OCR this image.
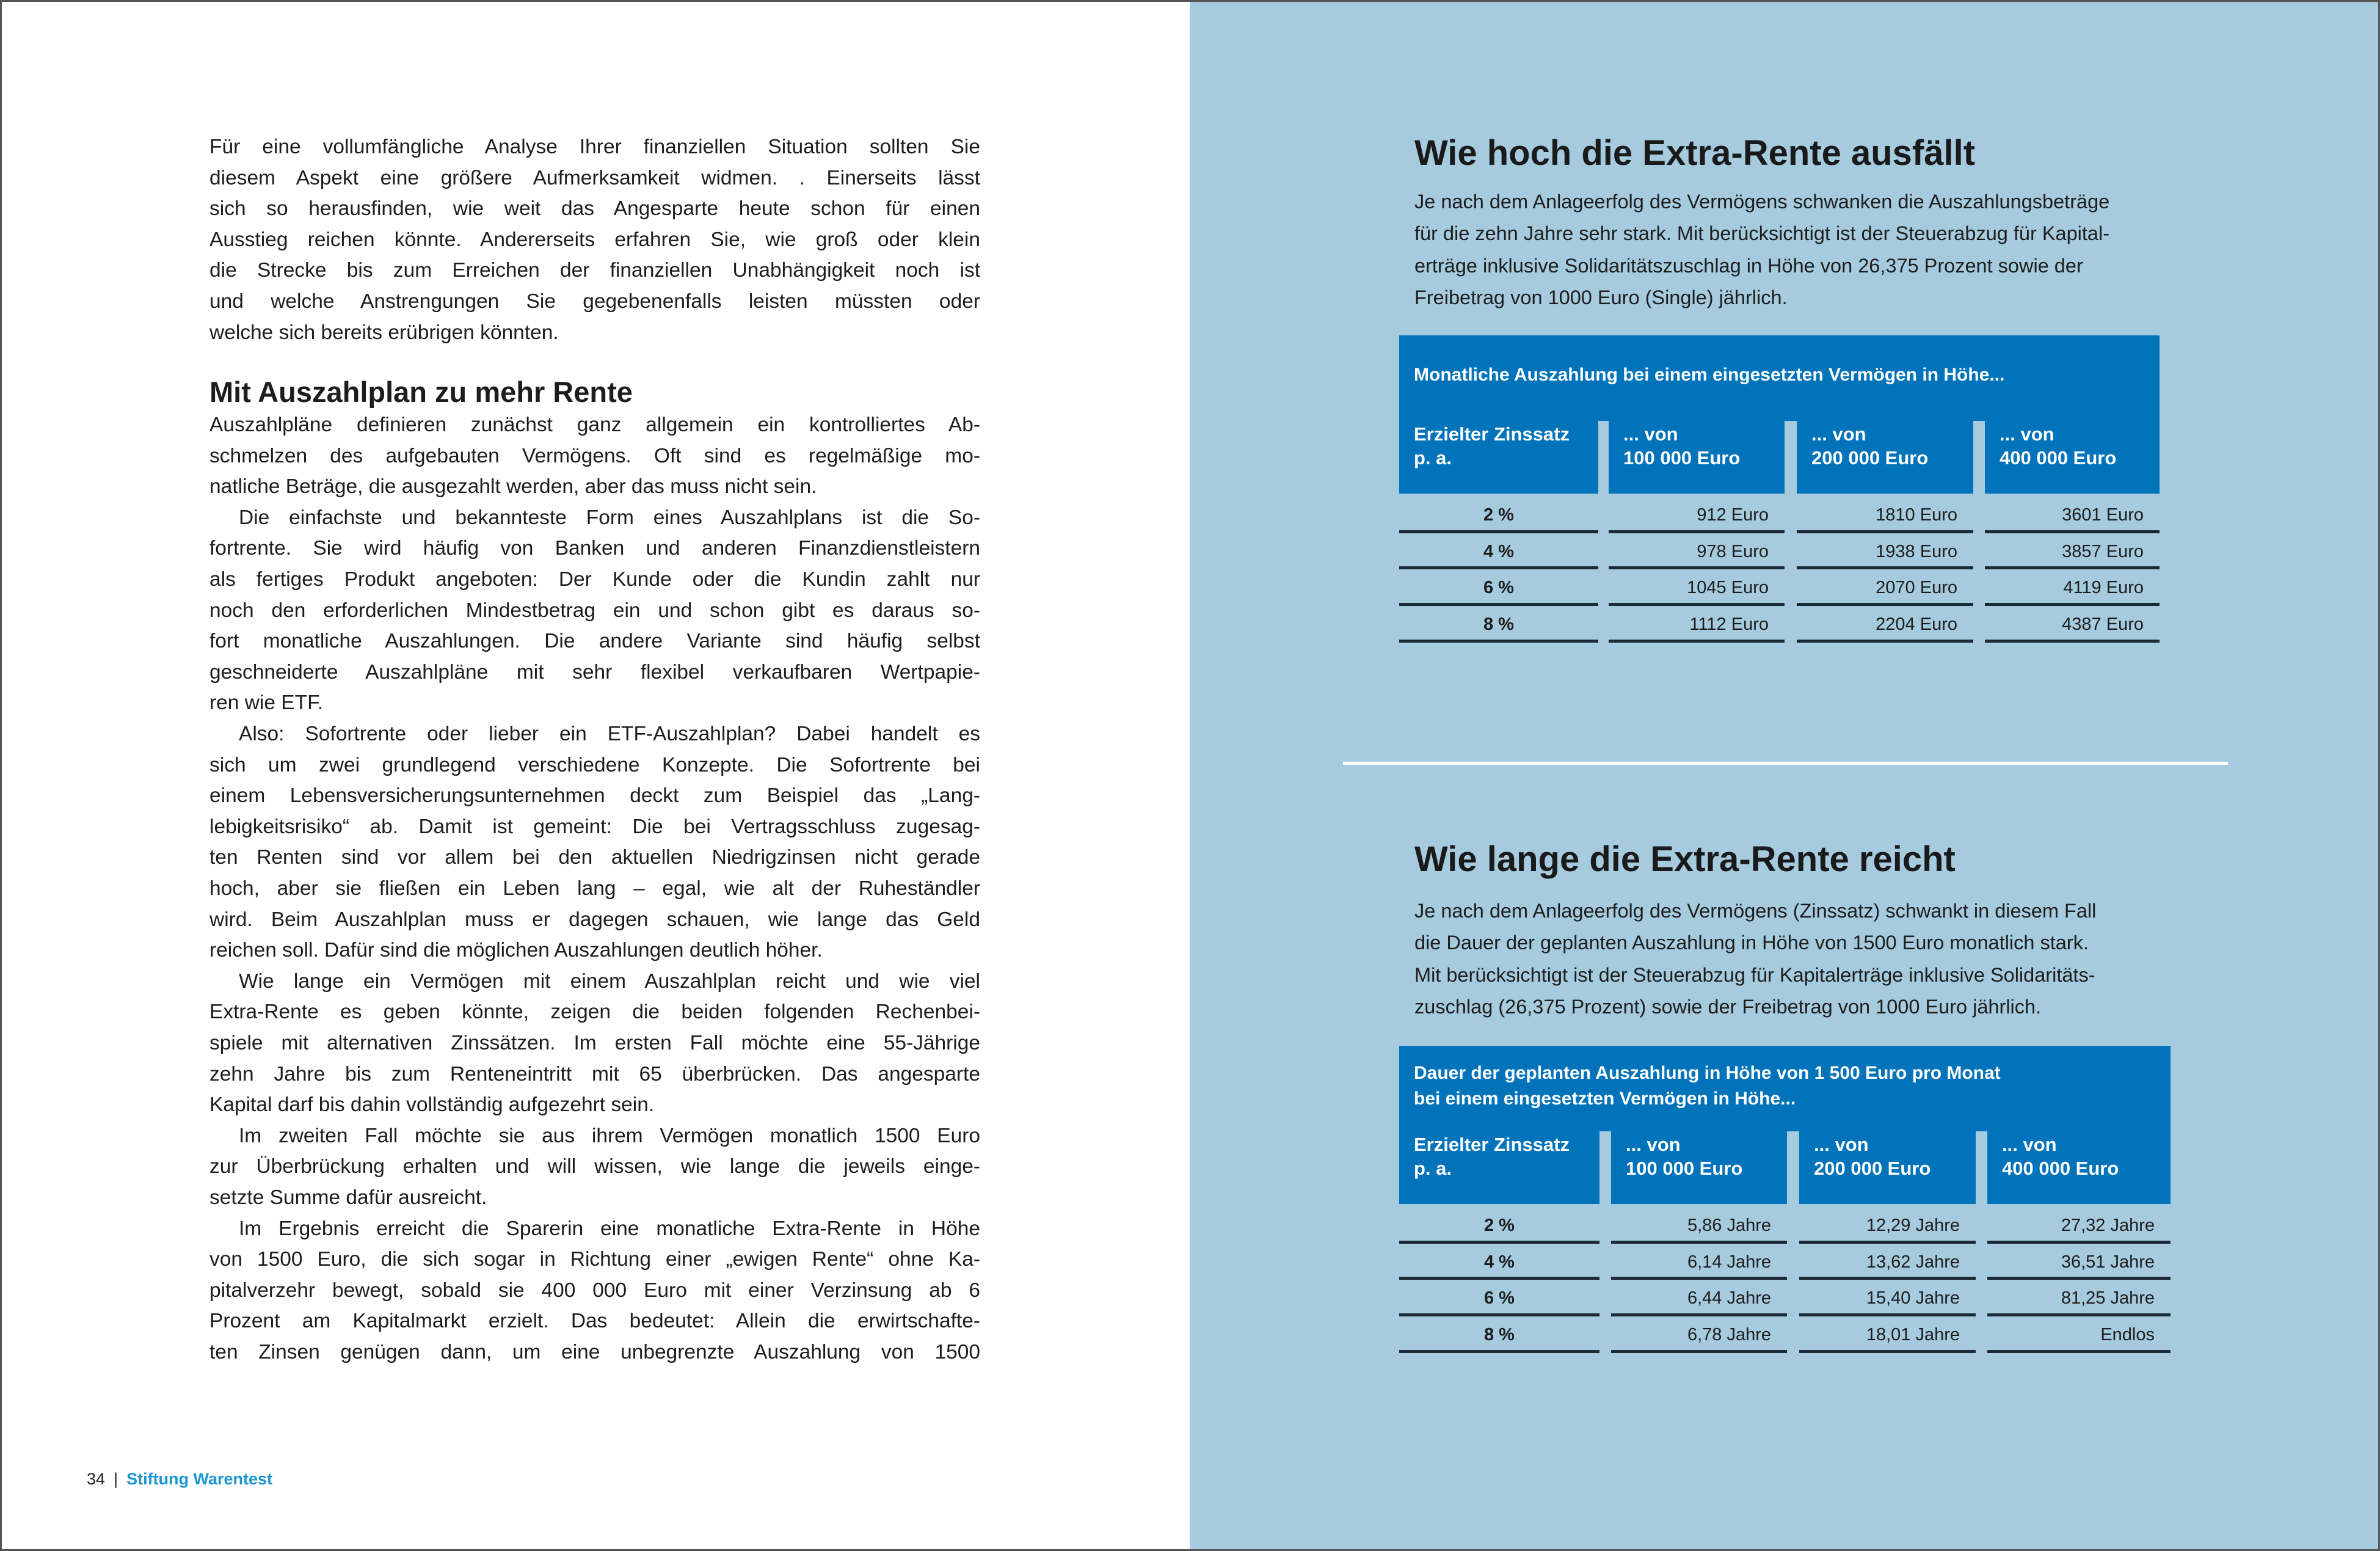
Für eine vollumfängliche Analyse Ihrer finanziellen Situation sollten Sie
diesem Aspekt eine größere Aufmerksamkeit widmen. . Einerseits lässt
sich so herausfinden, wie weit das Angesparte heute schon für einen
Ausstieg reichen könnte. Andererseits erfahren Sie, wie groß oder klein
die Strecke bis zum Erreichen der finanziellen Unabhängigkeit noch ist
und welche Anstrengungen Sie gegebenenfalls leisten müssten oder
welche sich bereits erübrigen könnten.
Mit Auszahlplan zu mehr Rente
Auszahlpläne definieren zunächst ganz allgemein ein kontrolliertes Ab-
schmelzen des aufgebauten Vermögens. Oft sind es regelmäßige mo-
natliche Beträge, die ausgezahlt werden, aber das muss nicht sein.
Die einfachste und bekannteste Form eines Auszahlplans ist die So-
fortrente. Sie wird häufig von Banken und anderen Finanzdienstleistern
als fertiges Produkt angeboten: Der Kunde oder die Kundin zahlt nur
noch den erforderlichen Mindestbetrag ein und schon gibt es daraus so-
fort monatliche Auszahlungen. Die andere Variante sind häufig selbst
geschneiderte Auszahlpläne mit sehr flexibel verkaufbaren Wertpapie-
ren wie ETF.
Also: Sofortrente oder lieber ein ETF-Auszahlplan? Dabei handelt es
sich um zwei grundlegend verschiedene Konzepte. Die Sofortrente bei
einem Lebensversicherungsunternehmen deckt zum Beispiel das „Lang-
lebigkeitsrisiko“ ab. Damit ist gemeint: Die bei Vertragsschluss zugesag-
ten Renten sind vor allem bei den aktuellen Niedrigzinsen nicht gerade
hoch, aber sie fließen ein Leben lang – egal, wie alt der Ruheständler
wird. Beim Auszahlplan muss er dagegen schauen, wie lange das Geld
reichen soll. Dafür sind die möglichen Auszahlungen deutlich höher.
Wie lange ein Vermögen mit einem Auszahlplan reicht und wie viel
Extra-Rente es geben könnte, zeigen die beiden folgenden Rechenbei-
spiele mit alternativen Zinssätzen. Im ersten Fall möchte eine 55-Jährige
zehn Jahre bis zum Renteneintritt mit 65 überbrücken. Das angesparte
Kapital darf bis dahin vollständig aufgezehrt sein.
Im zweiten Fall möchte sie aus ihrem Vermögen monatlich 1500 Euro
zur Überbrückung erhalten und will wissen, wie lange die jeweils einge-
setzte Summe dafür ausreicht.
Im Ergebnis erreicht die Sparerin eine monatliche Extra-Rente in Höhe
von 1500 Euro, die sich sogar in Richtung einer „ewigen Rente“ ohne Ka-
pitalverzehr bewegt, sobald sie 400 000 Euro mit einer Verzinsung ab 6
Prozent am Kapitalmarkt erzielt. Das bedeutet: Allein die erwirtschafte-
ten Zinsen genügen dann, um eine unbegrenzte Auszahlung von 1500
34 | Stiftung Warentest
Wie hoch die Extra-Rente ausfällt
Je nach dem Anlageerfolg des Vermögens schwanken die Auszahlungsbeträge
für die zehn Jahre sehr stark. Mit berücksichtigt ist der Steuerabzug für Kapital-
erträge inklusive Solidaritätszuschlag in Höhe von 26,375 Prozent sowie der
Freibetrag von 1000 Euro (Single) jährlich.
Monatliche Auszahlung bei einem eingesetzten Vermögen in Höhe...
Erzielter Zinssatz
p. a.
... von
100 000 Euro
... von
200 000 Euro
... von
400 000 Euro
2 %	912 Euro	1810 Euro	3601 Euro
4 %	978 Euro	1938 Euro	3857 Euro
6 %	1045 Euro	2070 Euro	4119 Euro
8 %	1112 Euro	2204 Euro	4387 Euro
Wie lange die Extra-Rente reicht
Je nach dem Anlageerfolg des Vermögens (Zinssatz) schwankt in diesem Fall
die Dauer der geplanten Auszahlung in Höhe von 1500 Euro monatlich stark.
Mit berücksichtigt ist der Steuerabzug für Kapitalerträge inklusive Solidaritäts-
zuschlag (26,375 Prozent) sowie der Freibetrag von 1000 Euro jährlich.
Dauer der geplanten Auszahlung in Höhe von 1 500 Euro pro Monat
bei einem eingesetzten Vermögen in Höhe...
Erzielter Zinssatz
p. a.
... von
100 000 Euro
... von
200 000 Euro
... von
400 000 Euro
2 %	5,86 Jahre	12,29 Jahre	27,32 Jahre
4 %	6,14 Jahre	13,62 Jahre	36,51 Jahre
6 %	6,44 Jahre	15,40 Jahre	81,25 Jahre
8 %	6,78 Jahre	18,01 Jahre	Endlos
